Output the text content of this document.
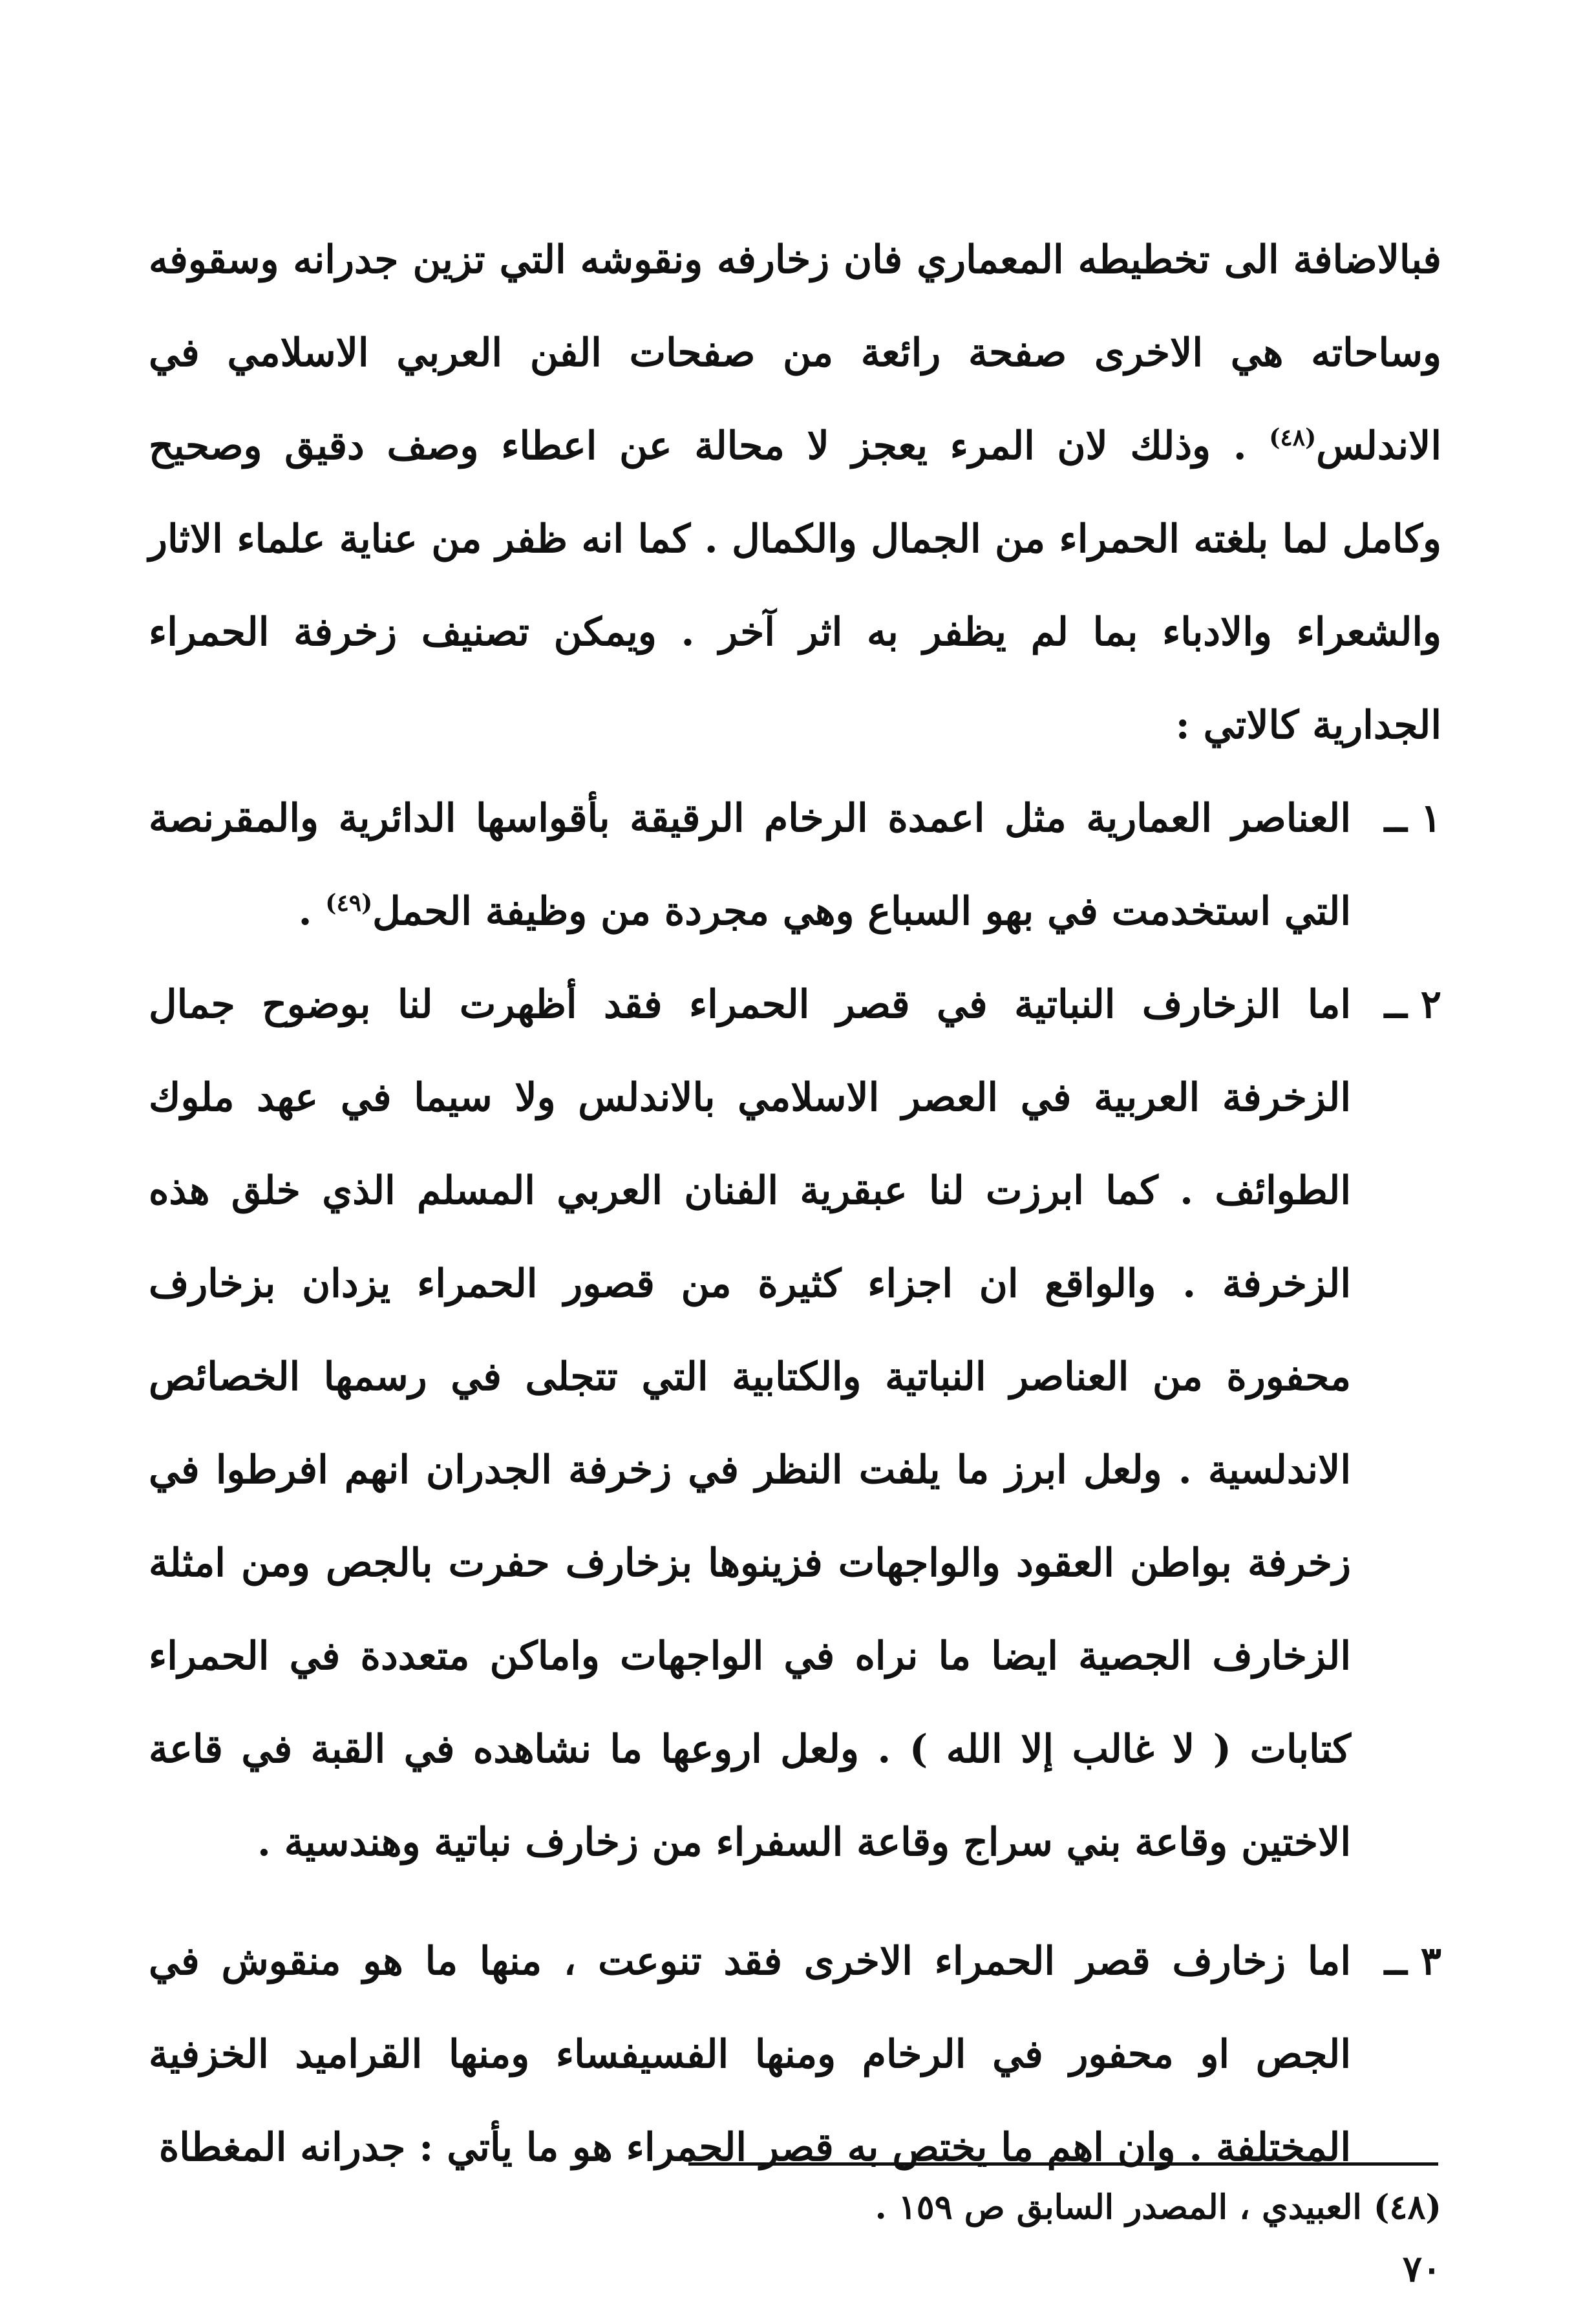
فبالاضافة الى تخطيطه المعماري فان زخارفه ونقوشه التي تزين جدرانه وسقوفه وساحاته هي الاخرى صفحة رائعة من صفحات الفن العربي الاسلامي في الاندلس$^{(٤٨)}$ . وذلك لان المرء يعجز لا محالة عن اعطاء وصف دقيق وصحيح وكامل لما بلغته الحمراء من الجمال والكمال . كما انه ظفر من عناية علماء الاثار والشعراء والادباء بما لم يظفر به اثر آخر . ويمكن تصنيف زخرفة الحمراء الجدارية كالاتي :

١ ــ

العناصر العمارية مثل اعمدة الرخام الرقيقة بأقواسها الدائرية والمقرنصة التي استخدمت في بهو السباع وهي مجردة من وظيفة الحمل$^{(٤٩)}$ .

٢ ــ

اما الزخارف النباتية في قصر الحمراء فقد أظهرت لنا بوضوح جمال الزخرفة العربية في العصر الاسلامي بالاندلس ولا سيما في عهد ملوك الطوائف . كما ابرزت لنا عبقرية الفنان العربي المسلم الذي خلق هذه الزخرفة . والواقع ان اجزاء كثيرة من قصور الحمراء يزدان بزخارف محفورة من العناصر النباتية والكتابية التي تتجلى في رسمها الخصائص الاندلسية . ولعل ابرز ما يلفت النظر في زخرفة الجدران انهم افرطوا في زخرفة بواطن العقود والواجهات فزينوها بزخارف حفرت بالجص ومن امثلة الزخارف الجصية ايضا ما نراه في الواجهات واماكن متعددة في الحمراء كتابات ( لا غالب إلا الله ) . ولعل اروعها ما نشاهده في القبة في قاعة الاختين وقاعة بني سراج وقاعة السفراء من زخارف نباتية وهندسية .

٣ ــ

اما زخارف قصر الحمراء الاخرى فقد تنوعت ، منها ما هو منقوش في الجص او محفور في الرخام ومنها الفسيفساء ومنها القراميد الخزفية المختلفة . وان اهم ما يختص به قصر الحمراء هو ما يأتي : جدرانه المغطاة

(٤٨) العبيدي ، المصدر السابق ص ١٥٩ .
٧٠
